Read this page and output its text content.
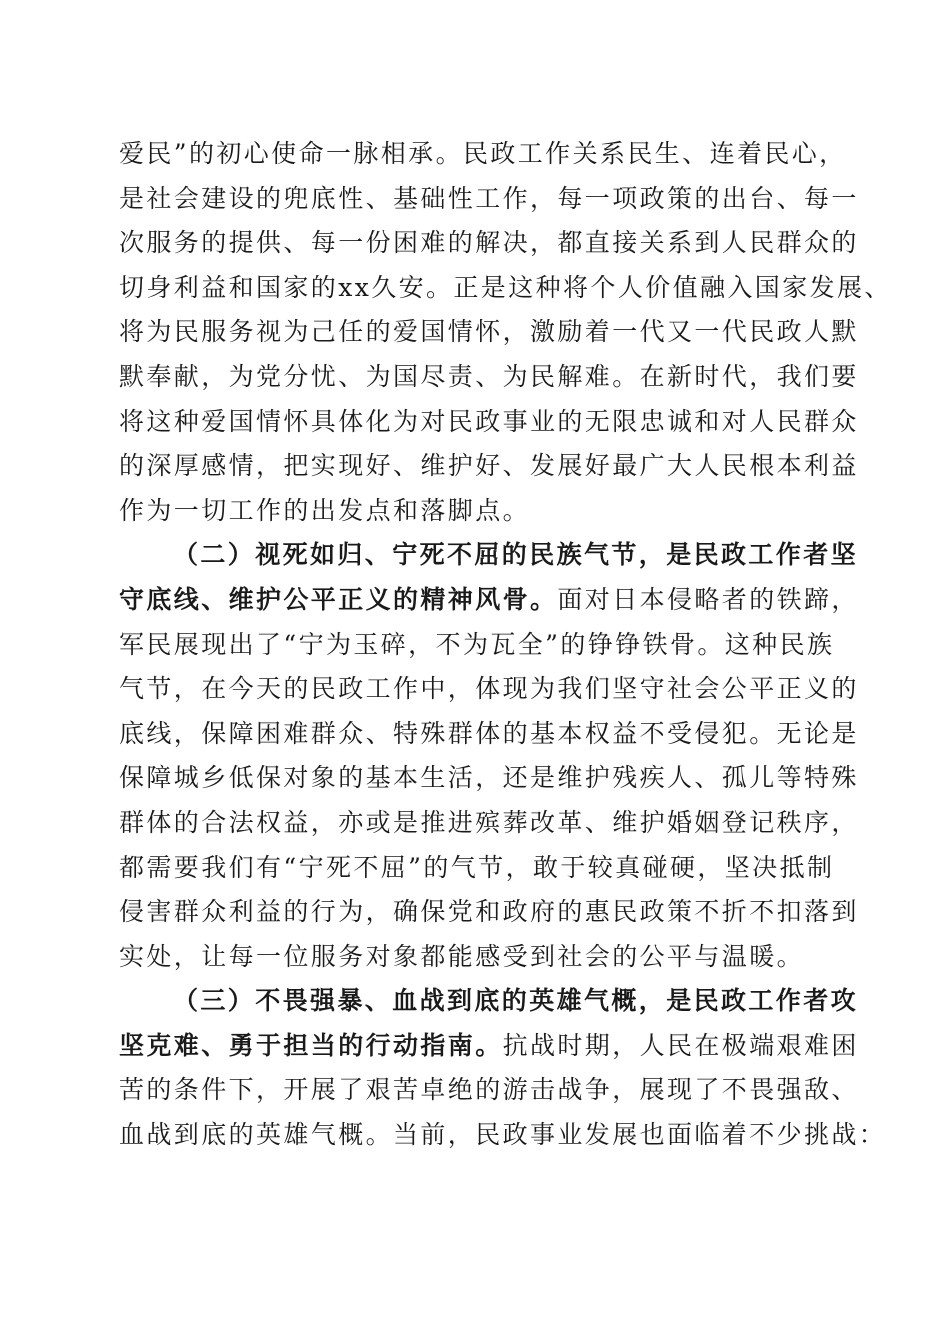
爱民”的初心使命一脉相承。民政工作关系民生、连着民心，
是社会建设的兜底性、基础性工作，每一项政策的出台、每一
次服务的提供、每一份困难的解决，都直接关系到人民群众的
切身利益和国家的xx久安。正是这种将个人价值融入国家发展、
将为民服务视为己任的爱国情怀，激励着一代又一代民政人默
默奉献，为党分忧、为国尽责、为民解难。在新时代，我们要
将这种爱国情怀具体化为对民政事业的无限忠诚和对人民群众
的深厚感情，把实现好、维护好、发展好最广大人民根本利益
作为一切工作的出发点和落脚点。
（二）视死如归、宁死不屈的民族气节，是民政工作者坚
守底线、维护公平正义的精神风骨。面对日本侵略者的铁蹄，
军民展现出了“宁为玉碎，不为瓦全”的铮铮铁骨。这种民族
气节，在今天的民政工作中，体现为我们坚守社会公平正义的
底线，保障困难群众、特殊群体的基本权益不受侵犯。无论是
保障城乡低保对象的基本生活，还是维护残疾人、孤儿等特殊
群体的合法权益，亦或是推进殡葬改革、维护婚姻登记秩序，
都需要我们有“宁死不屈”的气节，敢于较真碰硬，坚决抵制
侵害群众利益的行为，确保党和政府的惠民政策不折不扣落到
实处，让每一位服务对象都能感受到社会的公平与温暖。
（三）不畏强暴、血战到底的英雄气概，是民政工作者攻
坚克难、勇于担当的行动指南。抗战时期，人民在极端艰难困
苦的条件下，开展了艰苦卓绝的游击战争，展现了不畏强敌、
血战到底的英雄气概。当前，民政事业发展也面临着不少挑战：
